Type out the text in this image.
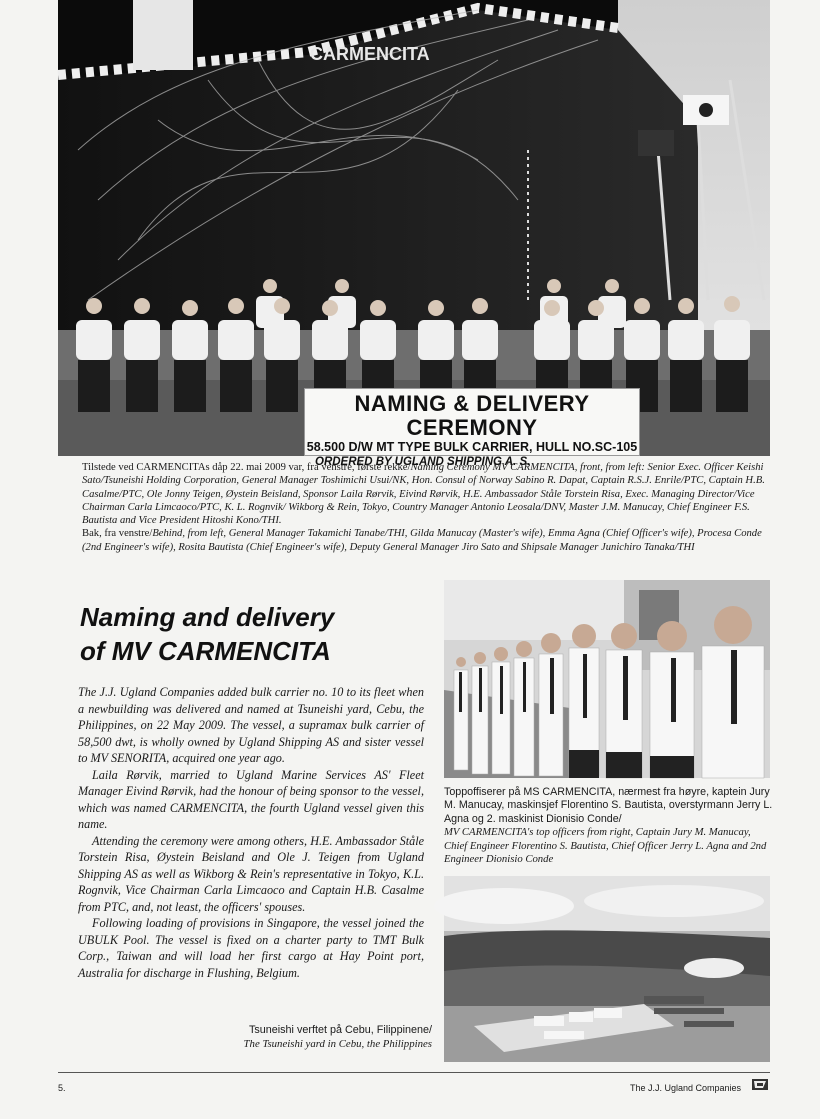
CARMENCITA
NAMING & DELIVERY CEREMONY
58.500 D/W MT TYPE BULK CARRIER, HULL NO.SC-105
ORDERED BY UGLAND SHIPPING A. S.
Tilstede ved CARMENCITAs dåp 22. mai 2009 var, fra venstre, første rekke/Naming Ceremony MV CARMENCITA, front, from left: Senior Exec. Officer Keishi Sato/Tsuneishi Holding Corporation, General Manager Toshimichi Usui/NK, Hon. Consul of Norway Sabino R. Dapat, Captain R.S.J. Enrile/PTC, Captain H.B. Casalme/PTC, Ole Jonny Teigen, Øystein Beisland, Sponsor Laila Rørvik, Eivind Rørvik, H.E. Ambassador Ståle Torstein Risa, Exec. Managing Director/Vice Chairman Carla Limcaoco/PTC, K. L. Rognvik/ Wikborg & Rein, Tokyo, Country Manager Antonio Leosala/DNV, Master J.M. Manucay, Chief Engineer F.S. Bautista and Vice President Hitoshi Kono/THI.
Bak, fra venstre/Behind, from left, General Manager Takamichi Tanabe/THI, Gilda Manucay (Master's wife), Emma Agna (Chief Officer's wife), Procesa Conde (2nd Engineer's wife), Rosita Bautista (Chief Engineer's wife), Deputy General Manager Jiro Sato and Shipsale Manager Junichiro Tanaka/THI
Naming and delivery
of MV CARMENCITA

The J.J. Ugland Companies added bulk carrier no. 10 to its fleet when a newbuilding was delivered and named at Tsuneishi yard, Cebu, the Philippines, on 22 May 2009. The vessel, a supramax bulk carrier of 58,500 dwt, is wholly owned by Ugland Shipping AS and sister vessel to MV SENORITA, acquired one year ago.

Laila Rørvik, married to Ugland Marine Services AS' Fleet Manager Eivind Rørvik, had the honour of being sponsor to the vessel, which was named CARMENCITA, the fourth Ugland vessel given this name.

Attending the ceremony were among others, H.E. Ambassador Ståle Torstein Risa, Øystein Beisland and Ole J. Teigen from Ugland Shipping AS as well as Wikborg & Rein's representative in Tokyo, K.L. Rognvik, Vice Chairman Carla Limcaoco and Captain H.B. Casalme from PTC, and, not least, the officers' spouses.

Following loading of provisions in Singapore, the vessel joined the UBULK Pool. The vessel is fixed on a charter party to TMT Bulk Corp., Taiwan and will load her first cargo at Hay Point port, Australia for discharge in Flushing, Belgium.

Tsuneishi verftet på Cebu, Filippinene/
The Tsuneishi yard in Cebu, the Philippines
Toppoffiserer på MS CARMENCITA, nærmest fra høyre, kaptein Jury M. Manucay, maskinsjef Florentino S. Bautista, overstyrmann Jerry L. Agna og 2. maskinist Dionisio Conde/
MV CARMENCITA's top officers from right, Captain Jury M. Manucay, Chief Engineer Florentino S. Bautista, Chief Officer Jerry L. Agna and 2nd Engineer Dionisio Conde
5.	The J.J. Ugland Companies
